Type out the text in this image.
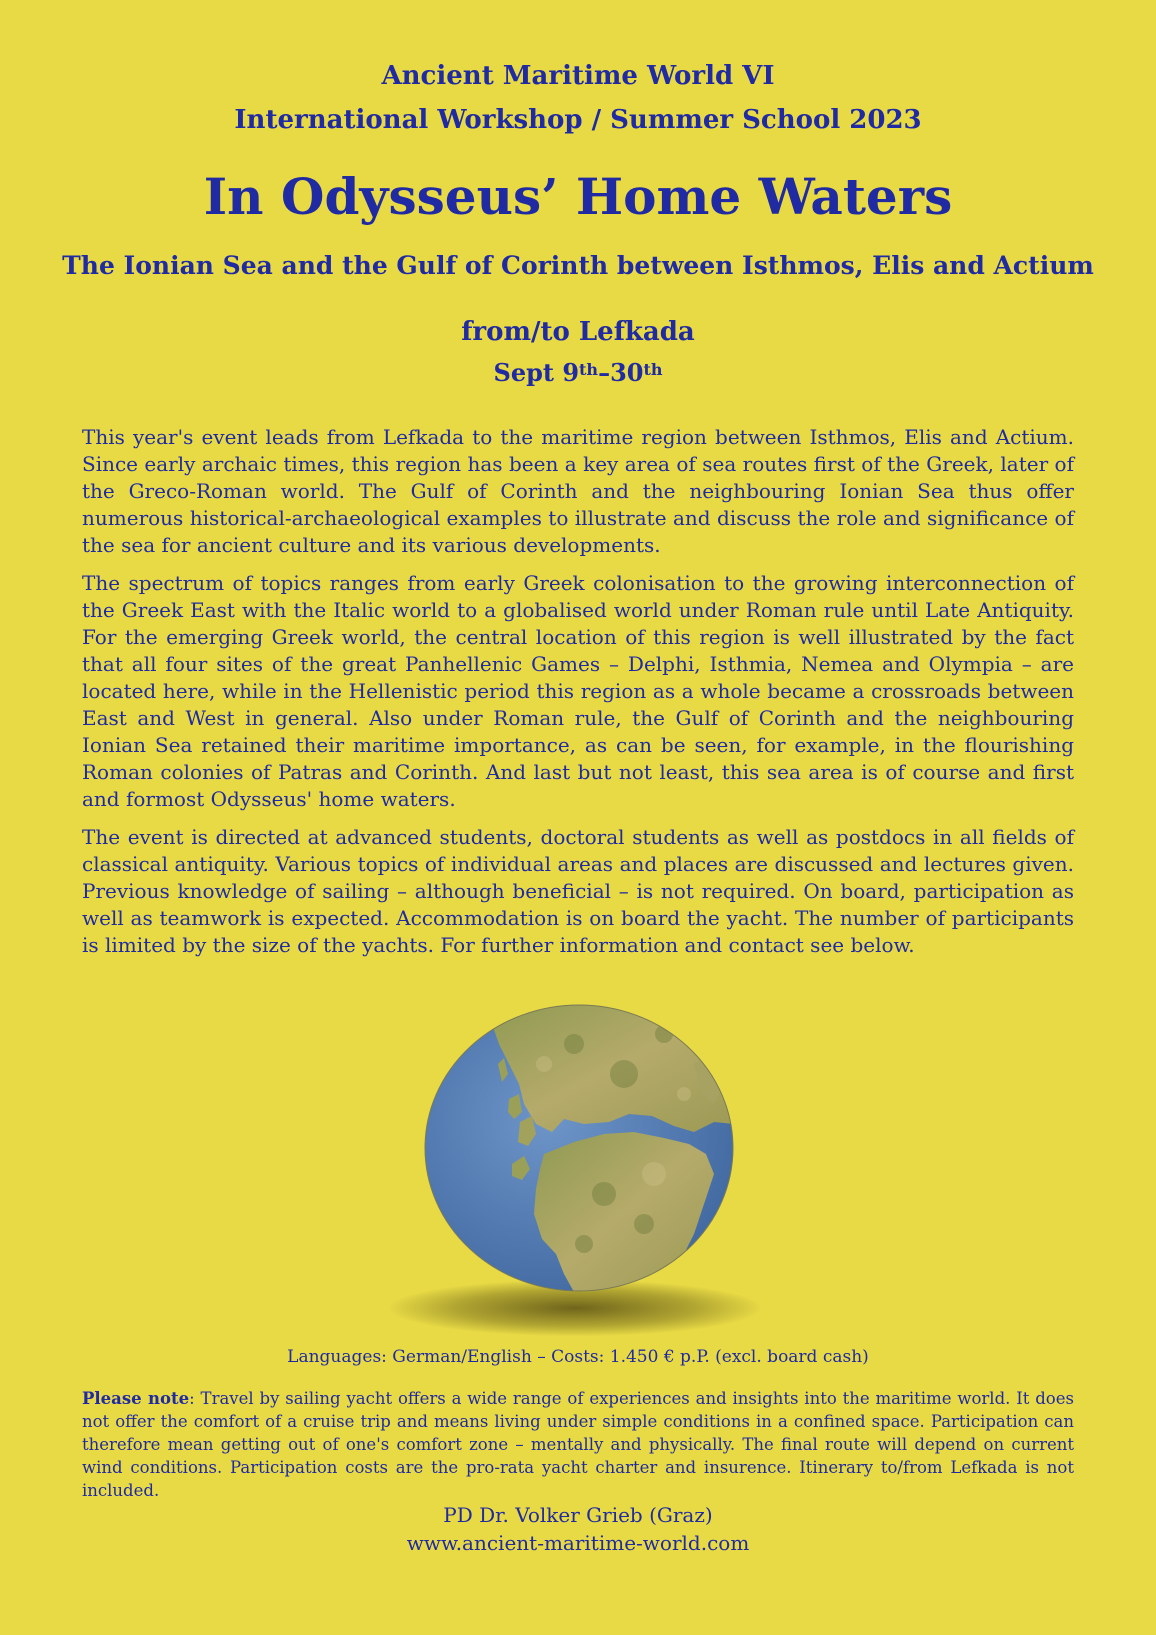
Ancient Maritime World VI
International Workshop / Summer School 2023
In Odysseus’ Home Waters
The Ionian Sea and the Gulf of Corinth between Isthmos, Elis and Actium
from/to Lefkada
Sept 9th–30th

This year's event leads from Lefkada to the maritime region between Isthmos, Elis and Actium. Since early archaic times, this region has been a key area of sea routes first of the Greek, later of the Greco-Roman world. The Gulf of Corinth and the neighbouring Ionian Sea thus offer numerous historical-archaeological examples to illustrate and discuss the role and significance of the sea for ancient culture and its various developments.

The spectrum of topics ranges from early Greek colonisation to the growing interconnection of the Greek East with the Italic world to a globalised world under Roman rule until Late Antiquity. For the emerging Greek world, the central location of this region is well illustrated by the fact that all four sites of the great Panhellenic Games – Delphi, Isthmia, Nemea and Olympia – are located here, while in the Hellenistic period this region as a whole became a crossroads between East and West in general. Also under Roman rule, the Gulf of Corinth and the neighbouring Ionian Sea retained their maritime importance, as can be seen, for example, in the flourishing Roman colonies of Patras and Corinth. And last but not least, this sea area is of course and first and formost Odysseus' home waters.

The event is directed at advanced students, doctoral students as well as postdocs in all fields of classical antiquity. Various topics of individual areas and places are discussed and lectures given. Previous knowledge of sailing – although beneficial – is not required. On board, participation as well as teamwork is expected. Accommodation is on board the yacht. The number of participants is limited by the size of the yachts. For further information and contact see below.

Languages: German/English – Costs: 1.450 € p.P. (excl. board cash)
Please note: Travel by sailing yacht offers a wide range of experiences and insights into the maritime world. It does not offer the comfort of a cruise trip and means living under simple conditions in a confined space. Participation can therefore mean getting out of one's comfort zone – mentally and physically. The final route will depend on current wind conditions. Participation costs are the pro-rata yacht charter and insurence. Itinerary to/from Lefkada is not included.
PD Dr. Volker Grieb (Graz)
www.ancient-maritime-world.com
